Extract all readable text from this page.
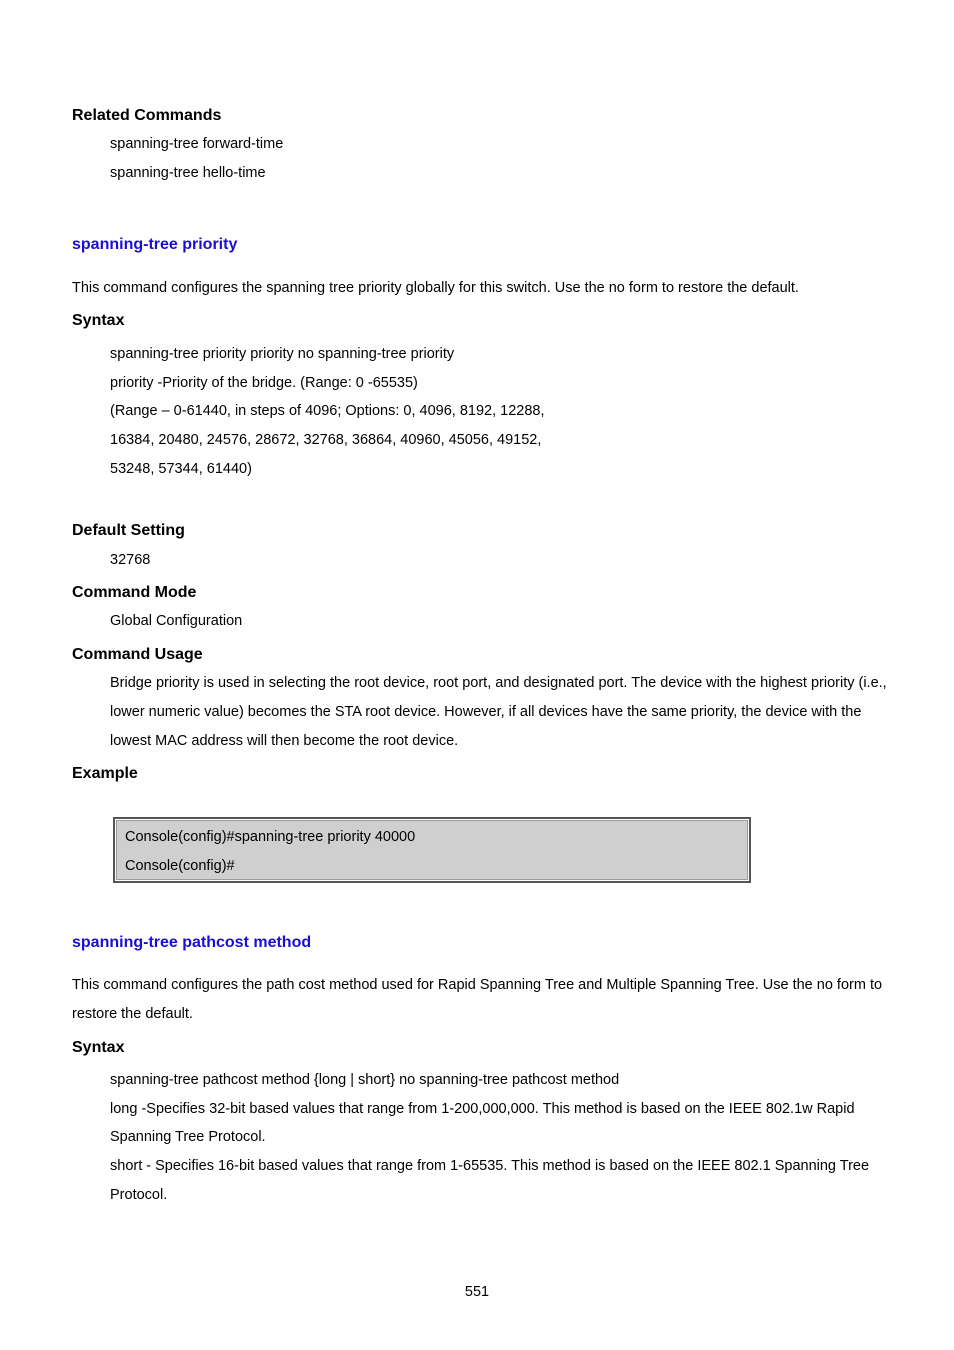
Related Commands
spanning-tree forward-time
spanning-tree hello-time
spanning-tree priority
This command configures the spanning tree priority globally for this switch. Use the no form to restore the default.
Syntax
spanning-tree priority priority no spanning-tree priority
priority -Priority of the bridge. (Range: 0 -65535)
(Range – 0-61440, in steps of 4096; Options: 0, 4096, 8192, 12288,
16384, 20480, 24576, 28672, 32768, 36864, 40960, 45056, 49152,
53248, 57344, 61440)
Default Setting
32768
Command Mode
Global Configuration
Command Usage
Bridge priority is used in selecting the root device, root port, and designated port. The device with the highest priority (i.e.,
lower numeric value) becomes the STA root device. However, if all devices have the same priority, the device with the
lowest MAC address will then become the root device.
Example
Console(config)#spanning-tree priority 40000
Console(config)#
spanning-tree pathcost method
This command configures the path cost method used for Rapid Spanning Tree and Multiple Spanning Tree. Use the no form to
restore the default.
Syntax
spanning-tree pathcost method {long | short} no spanning-tree pathcost method
long -Specifies 32-bit based values that range from 1-200,000,000. This method is based on the IEEE 802.1w Rapid
Spanning Tree Protocol.
short - Specifies 16-bit based values that range from 1-65535. This method is based on the IEEE 802.1 Spanning Tree
Protocol.
551
